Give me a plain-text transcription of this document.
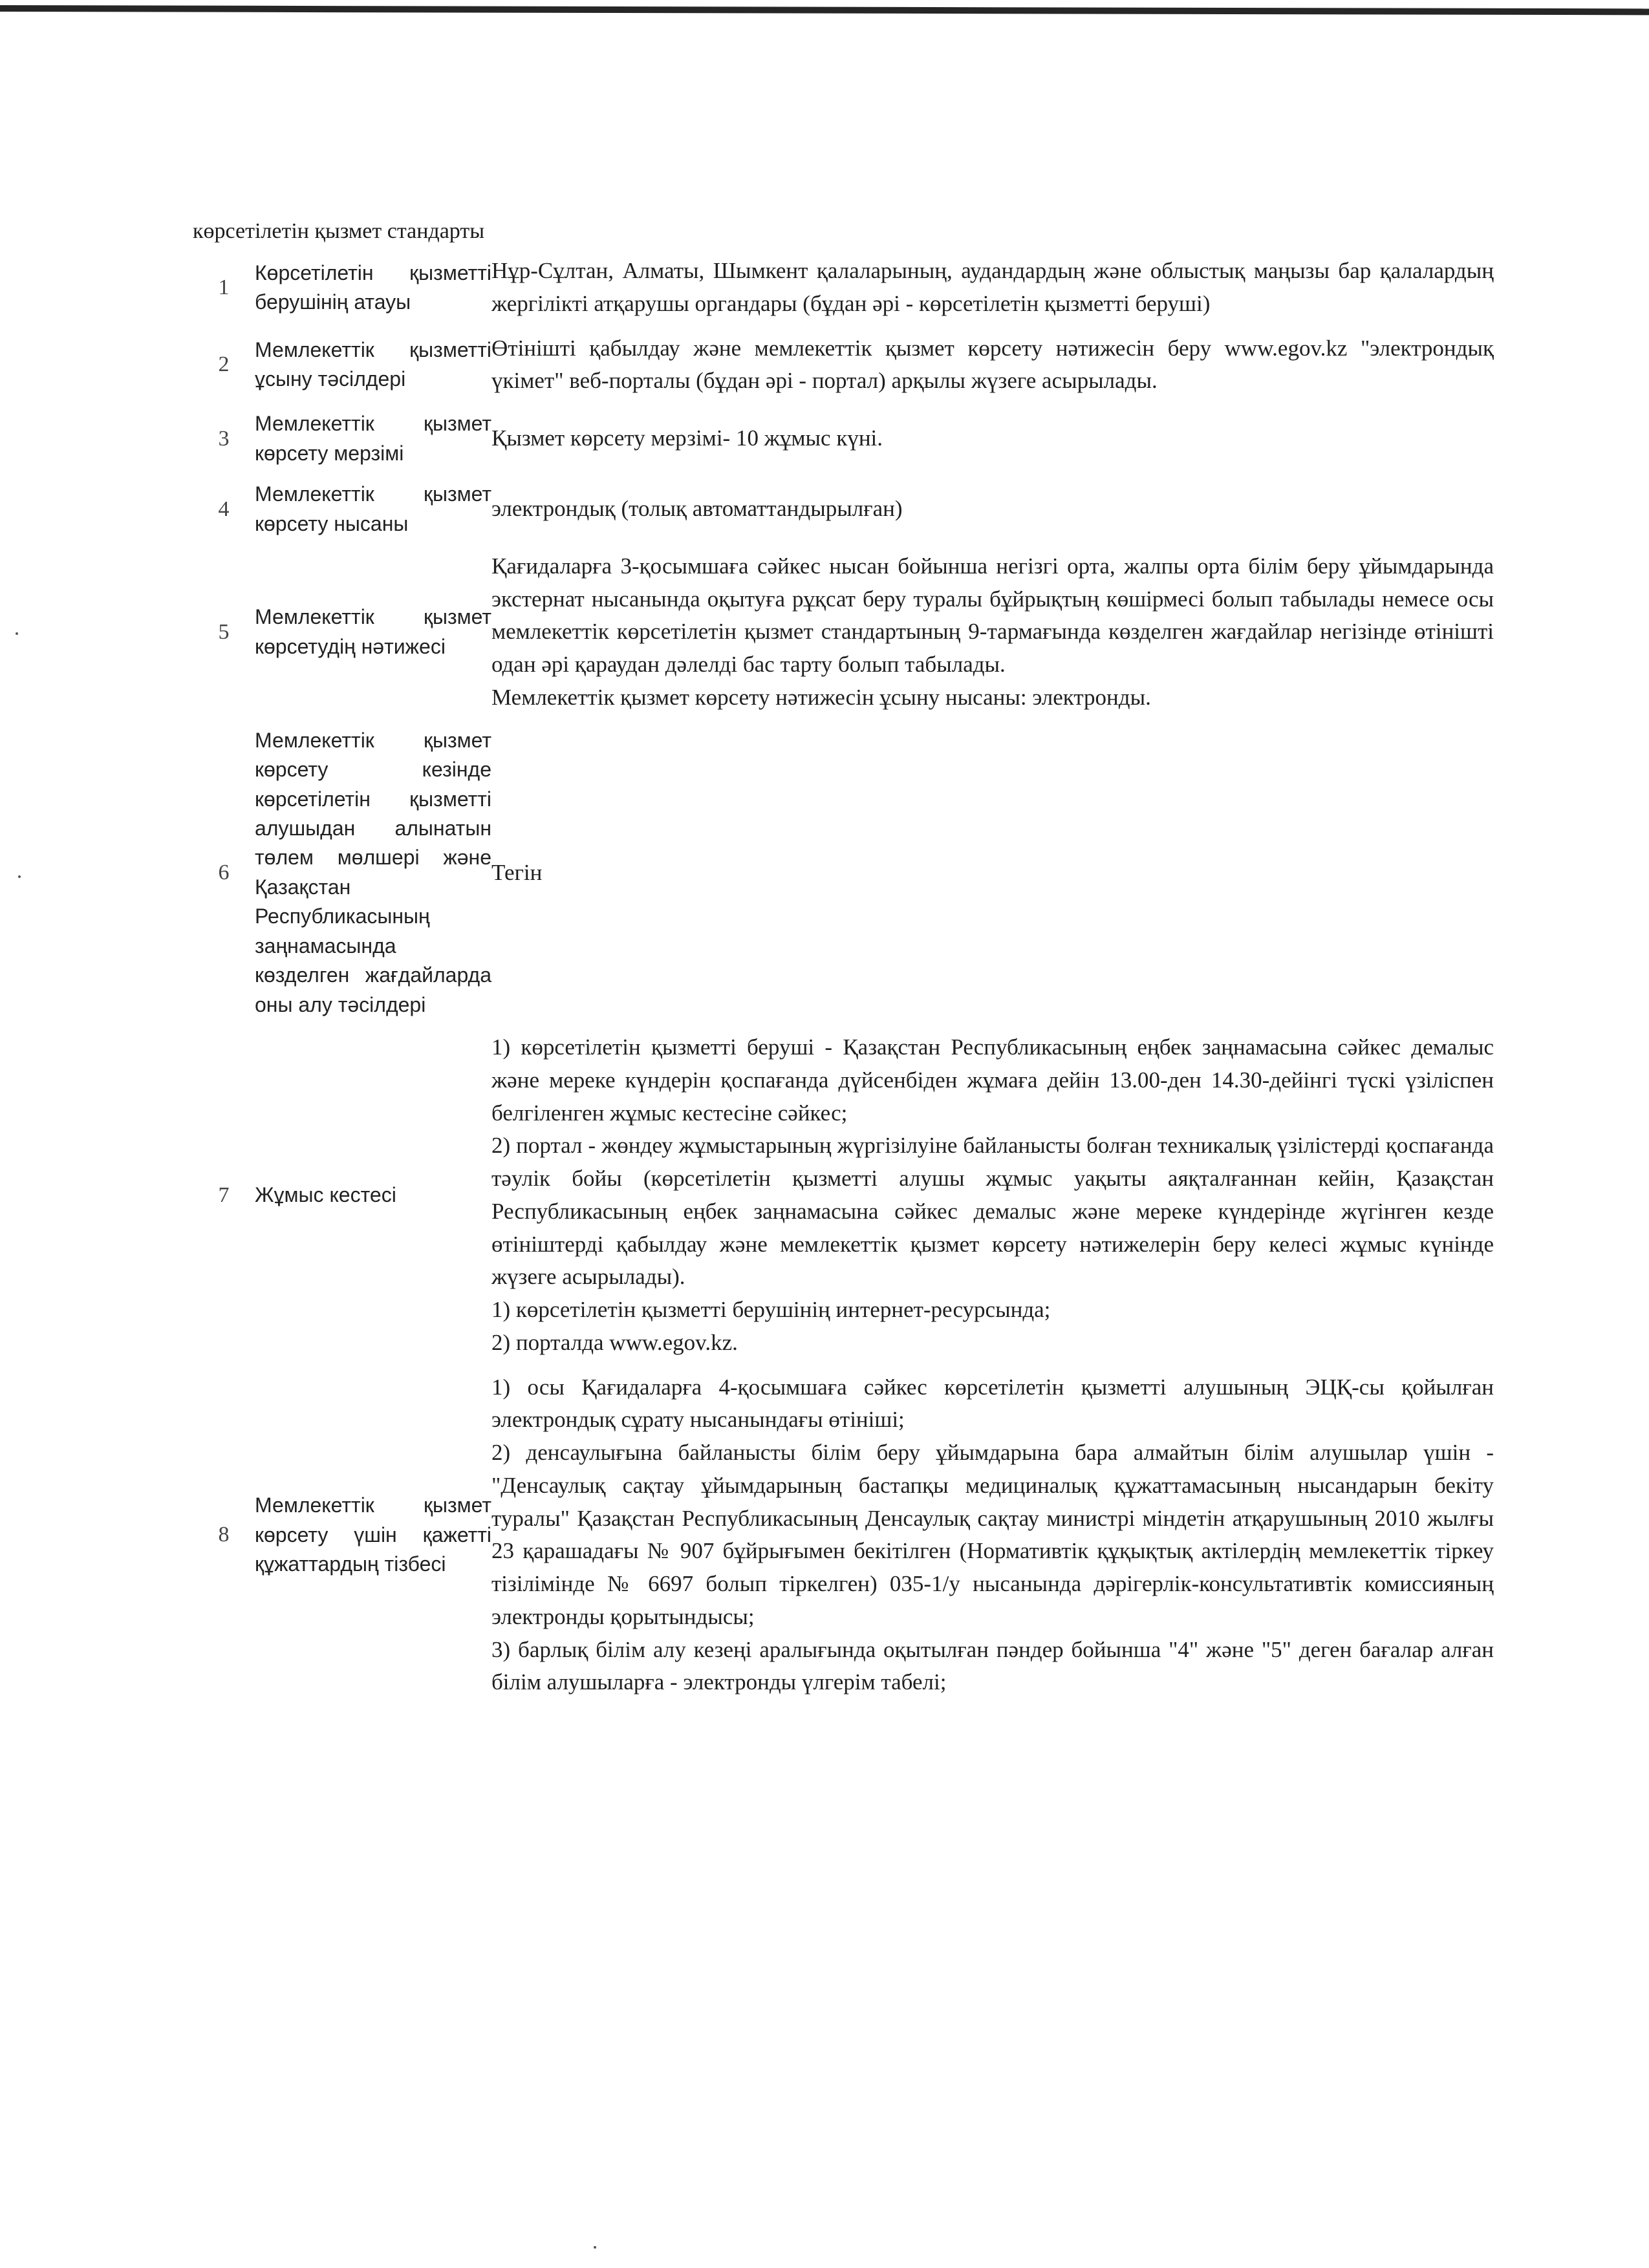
көрсетілетін қызмет стандарты
1
Көрсетілетін қызметті берушінің атауы

Нұр-Сұлтан, Алматы, Шымкент қалаларының, аудандардың және облыстық маңызы бар қалалардың жергілікті атқарушы органдары (бұдан әрі - көрсетілетін қызметті беруші)

2
Мемлекеттік қызметті ұсыну тәсілдері

Өтінішті қабылдау және мемлекеттік қызмет көрсету нәтижесін беру www.egov.kz "электрондық үкімет" веб-порталы (бұдан әрі - портал) арқылы жүзеге асырылады.

3
Мемлекеттік қызмет көрсету мерзімі

Қызмет көрсету мерзімі- 10 жұмыс күні.

4
Мемлекеттік қызмет көрсету нысаны

электрондық (толық автоматтандырылған)

5
Мемлекеттік қызмет көрсетудің нәтижесі

Қағидаларға 3-қосымшаға сәйкес нысан бойынша негізгі орта, жалпы орта білім беру ұйымдарында экстернат нысанында оқытуға рұқсат беру туралы бұйрықтың көшірмесі болып табылады немесе осы мемлекеттік көрсетілетін қызмет стандартының 9-тармағында көзделген жағдайлар негізінде өтінішті одан әрі қараудан дәлелді бас тарту болып табылады.

Мемлекеттік қызмет көрсету нәтижесін ұсыну нысаны: электронды.

6
Мемлекеттік қызмет көрсету кезінде көрсетілетін қызметті алушыдан алынатын төлем мөлшері және Қазақстан Республикасының заңнамасында көзделген жағдайларда оны алу тәсілдері

Тегін

7	Жұмыс кестесі

1) көрсетілетін қызметті беруші - Қазақстан Республикасының еңбек заңнамасына сәйкес демалыс және мереке күндерін қоспағанда дүйсенбіден жұмаға дейін 13.00-ден 14.30-дейінгі түскі үзіліспен белгіленген жұмыс кестесіне сәйкес;

2) портал - жөндеу жұмыстарының жүргізілуіне байланысты болған техникалық үзілістерді қоспағанда тәулік бойы (көрсетілетін қызметті алушы жұмыс уақыты аяқталғаннан кейін, Қазақстан Республикасының еңбек заңнамасына сәйкес демалыс және мереке күндерінде жүгінген кезде өтініштерді қабылдау және мемлекеттік қызмет көрсету нәтижелерін беру келесі жұмыс күнінде жүзеге асырылады).

1) көрсетілетін қызметті берушінің интернет-ресурсында;

2) порталда www.egov.kz.

8
Мемлекеттік қызмет көрсету үшін қажетті құжаттардың тізбесі

1) осы Қағидаларға 4-қосымшаға сәйкес көрсетілетін қызметті алушының ЭЦҚ-сы қойылған электрондық сұрату нысанындағы өтініші;

2) денсаулығына байланысты білім беру ұйымдарына бара алмайтын білім алушылар үшін - "Денсаулық сақтау ұйымдарының бастапқы медициналық құжаттамасының нысандарын бекіту туралы" Қазақстан Республикасының Денсаулық сақтау министрі міндетін атқарушының 2010 жылғы 23 қарашадағы № 907 бұйрығымен бекітілген (Нормативтік құқықтық актілердің мемлекеттік тіркеу тізілімінде № 6697 болып тіркелген) 035-1/у нысанында дәрігерлік-консультативтік комиссияның электронды қорытындысы;

3) барлық білім алу кезеңі аралығында оқытылған пәндер бойынша "4" және "5" деген бағалар алған білім алушыларға - электронды үлгерім табелі;
